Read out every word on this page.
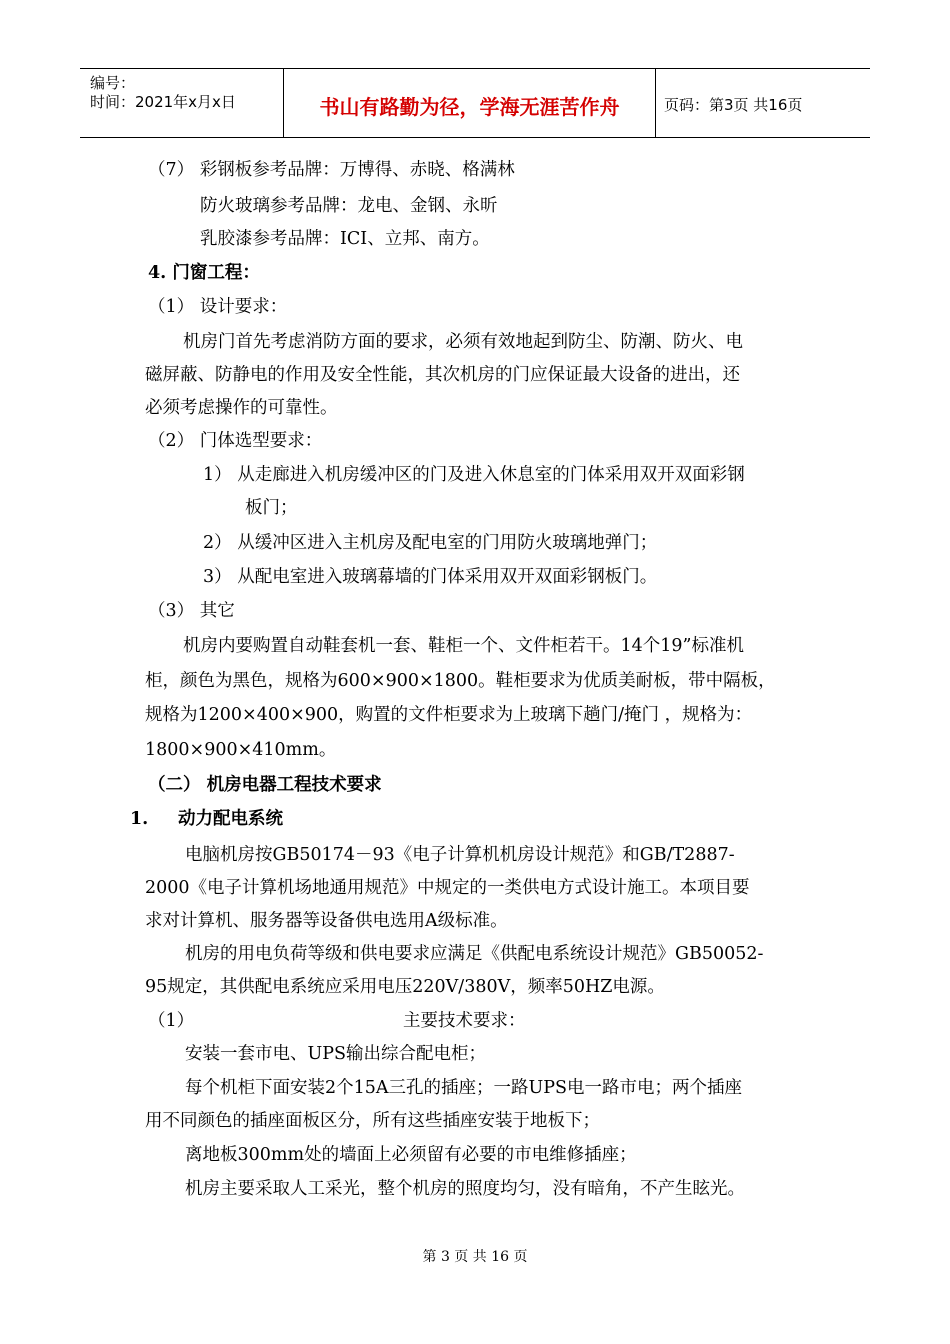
编号：
时间：2021年x月x日	书山有路勤为径，学海无涯苦作舟	页码：第3页 共16页
（7） 彩钢板参考品牌：万博得、赤晓、格满林
防火玻璃参考品牌：龙电、金钢、永昕
乳胶漆参考品牌：ICI、立邦、南方。
4. 门窗工程：
（1） 设计要求：
机房门首先考虑消防方面的要求，必须有效地起到防尘、防潮、防火、电
磁屏蔽、防静电的作用及安全性能，其次机房的门应保证最大设备的进出，还
必须考虑操作的可靠性。
（2） 门体选型要求：
1） 从走廊进入机房缓冲区的门及进入休息室的门体采用双开双面彩钢
板门；
2） 从缓冲区进入主机房及配电室的门用防火玻璃地弹门；
3） 从配电室进入玻璃幕墙的门体采用双开双面彩钢板门。
（3） 其它
机房内要购置自动鞋套机一套、鞋柜一个、文件柜若干。14个19”标准机
柜，颜色为黑色，规格为600×900×1800。鞋柜要求为优质美耐板，带中隔板，
规格为1200×400×900，购置的文件柜要求为上玻璃下趟门/掩门 ，规格为：
1800×900×410mm。
（二） 机房电器工程技术要求
1. 动力配电系统
电脑机房按GB50174－93《电子计算机机房设计规范》和GB/T2887-
2000《电子计算机场地通用规范》中规定的一类供电方式设计施工。本项目要
求对计算机、服务器等设备供电选用A级标准。
机房的用电负荷等级和供电要求应满足《供配电系统设计规范》GB50052-
95规定，其供配电系统应采用电压220V/380V，频率50HZ电源。
（1）	主要技术要求：
安装一套市电、UPS输出综合配电柜；
每个机柜下面安装2个15A三孔的插座；一路UPS电一路市电；两个插座
用不同颜色的插座面板区分，所有这些插座安装于地板下；
离地板300mm处的墙面上必须留有必要的市电维修插座；
机房主要采取人工采光，整个机房的照度均匀，没有暗角，不产生眩光。
第 3 页 共 16 页
